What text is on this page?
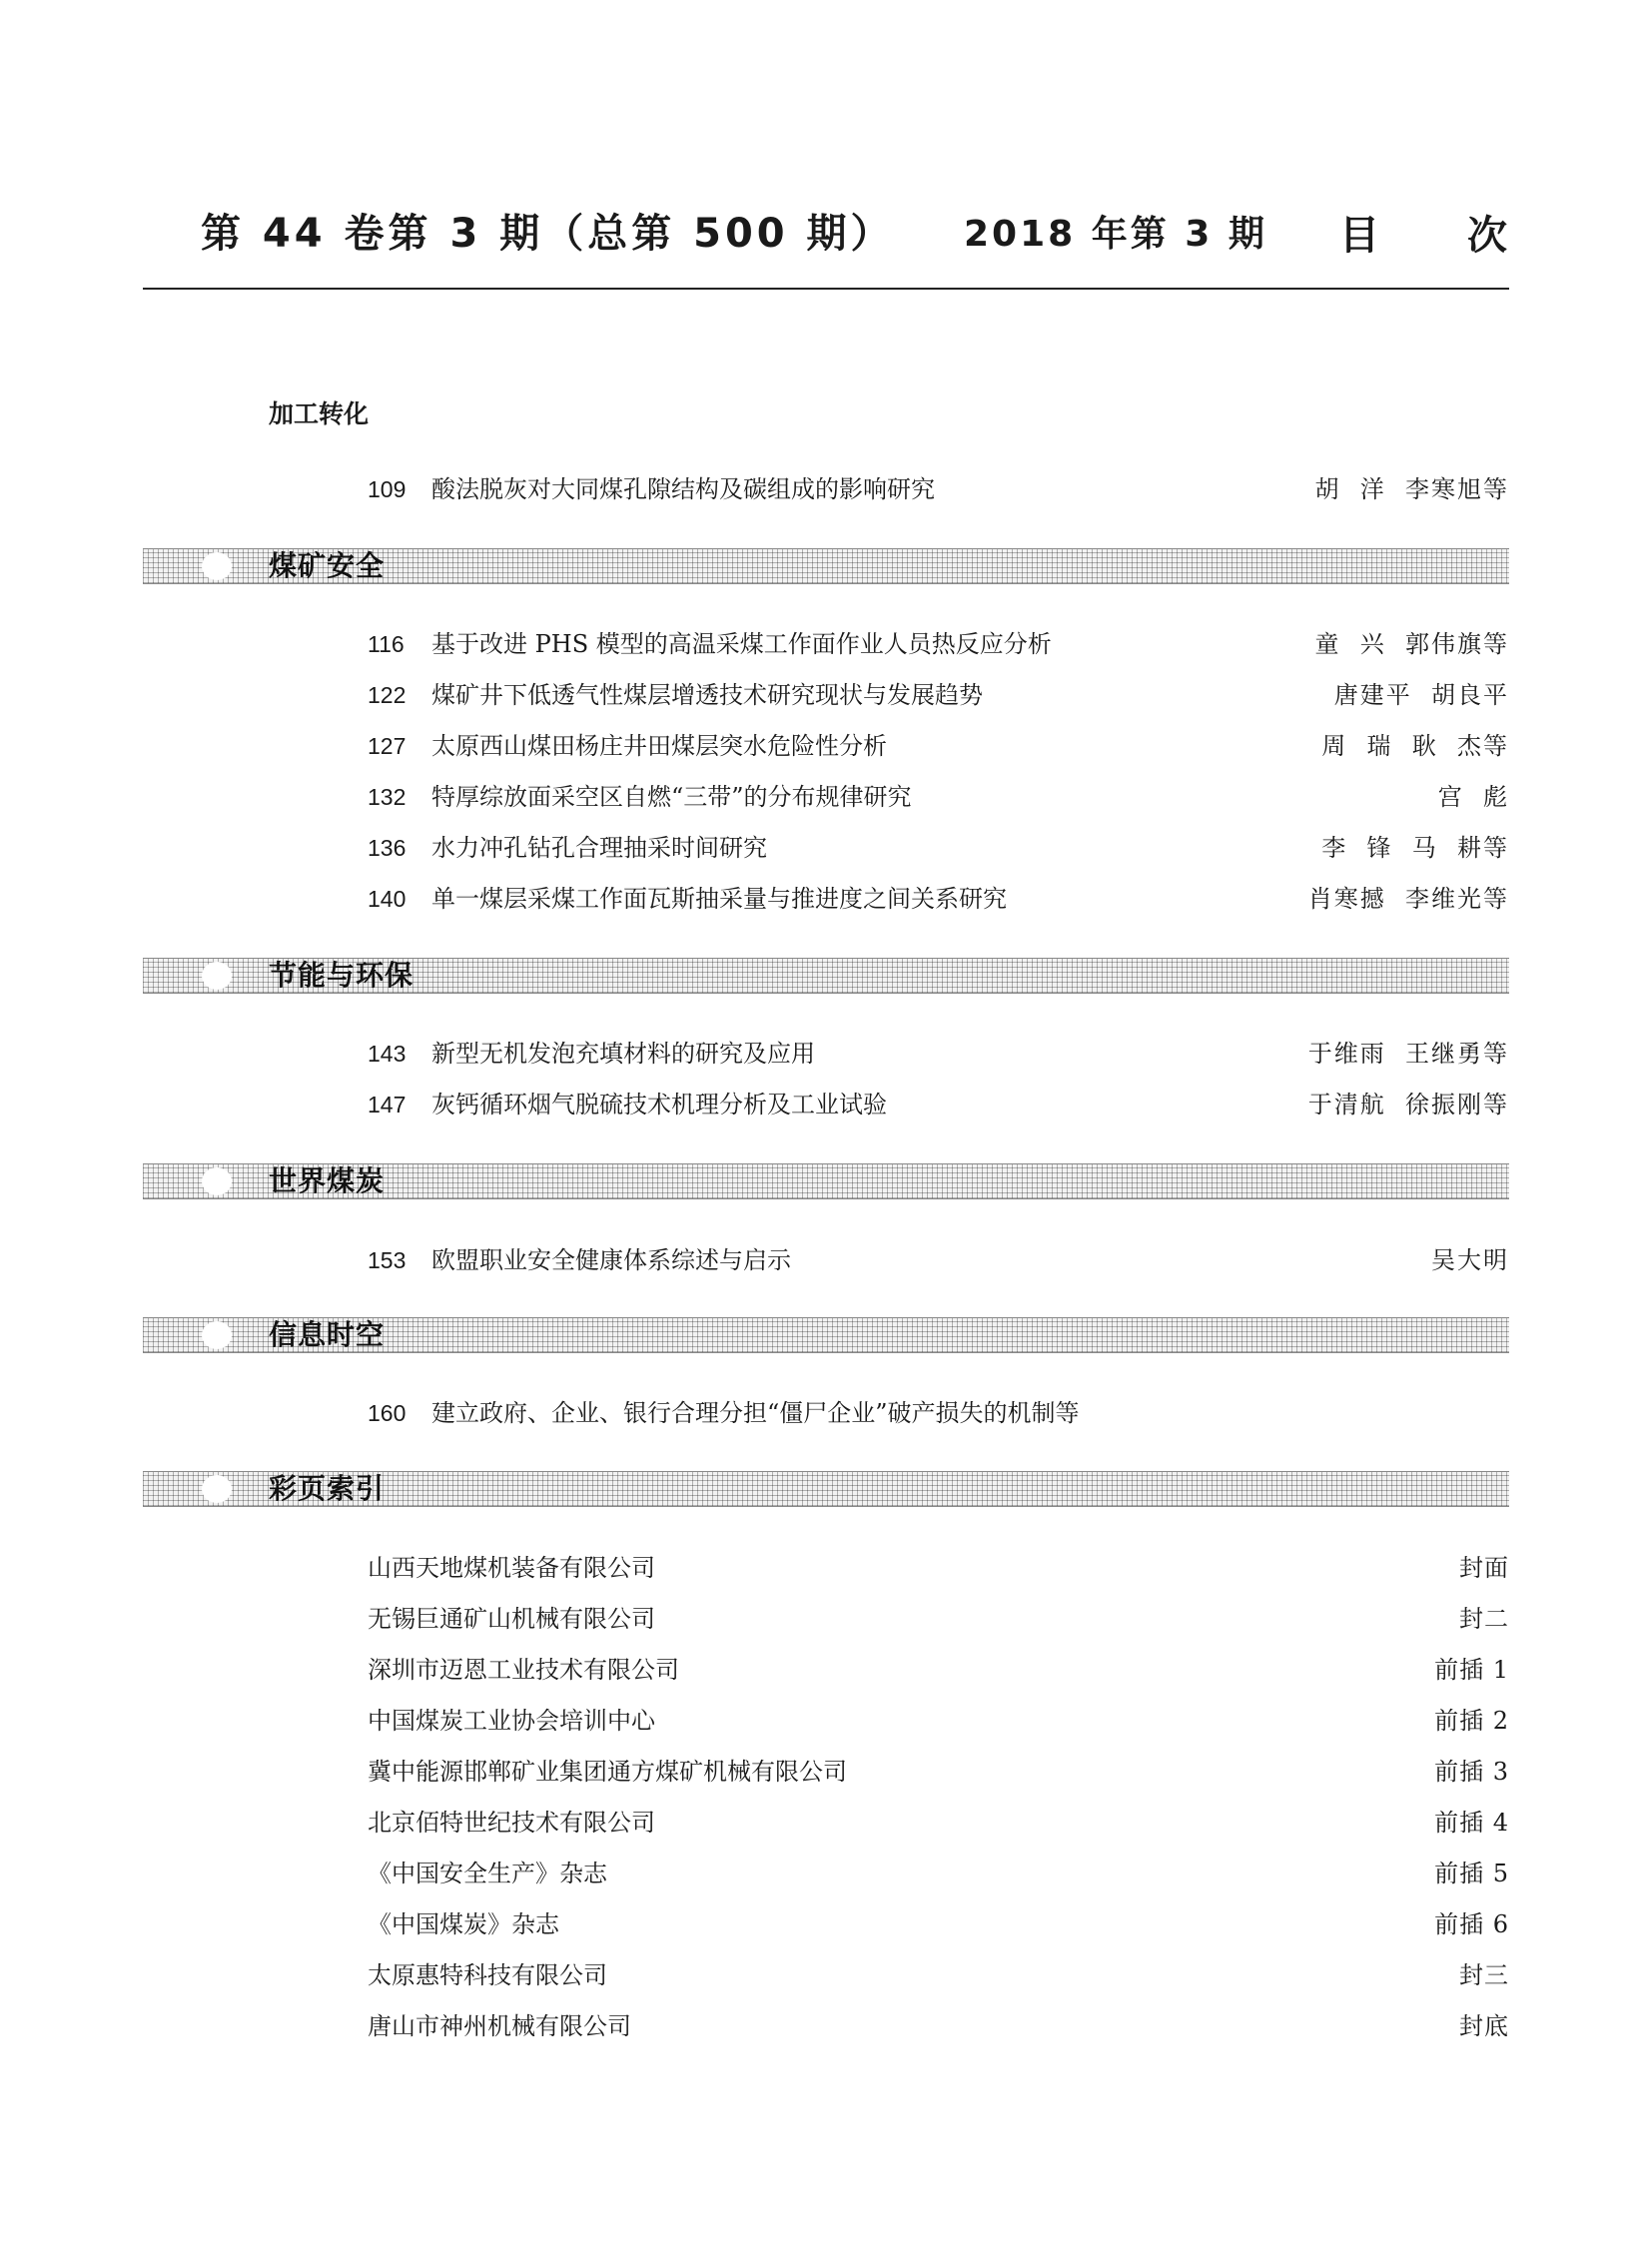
第 44 卷第 3 期（总第 500 期） 2018 年第 3 期 目 次
加工转化
109	酸法脱灰对大同煤孔隙结构及碳组成的影响研究	胡  洋  李寒旭等
煤矿安全
116	基于改进 PHS 模型的高温采煤工作面作业人员热反应分析	童  兴  郭伟旗等
122	煤矿井下低透气性煤层增透技术研究现状与发展趋势	唐建平  胡良平
127	太原西山煤田杨庄井田煤层突水危险性分析	周  瑞  耿  杰等
132	特厚综放面采空区自燃“三带”的分布规律研究	宫  彪
136	水力冲孔钻孔合理抽采时间研究	李  锋  马  耕等
140	单一煤层采煤工作面瓦斯抽采量与推进度之间关系研究	肖寒撼  李维光等
节能与环保
143	新型无机发泡充填材料的研究及应用	于维雨  王继勇等
147	灰钙循环烟气脱硫技术机理分析及工业试验	于清航  徐振刚等
世界煤炭
153	欧盟职业安全健康体系综述与启示	吴大明
信息时空
160	建立政府、企业、银行合理分担“僵尸企业”破产损失的机制等
彩页索引
山西天地煤机装备有限公司	封面
无锡巨通矿山机械有限公司	封二
深圳市迈恩工业技术有限公司	前插 1
中国煤炭工业协会培训中心	前插 2
冀中能源邯郸矿业集团通方煤矿机械有限公司	前插 3
北京佰特世纪技术有限公司	前插 4
《中国安全生产》杂志	前插 5
《中国煤炭》杂志	前插 6
太原惠特科技有限公司	封三
唐山市神州机械有限公司	封底
